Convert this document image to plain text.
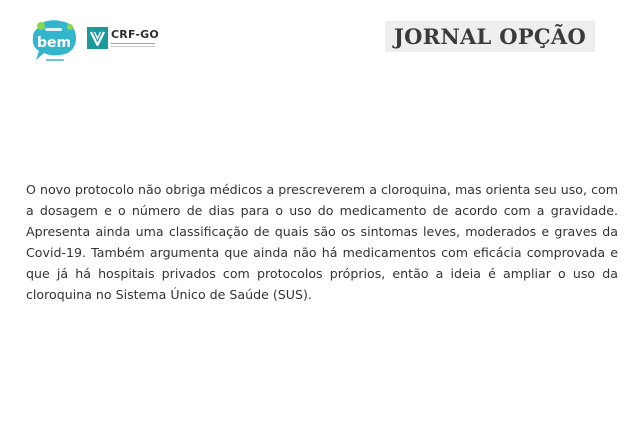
bem
CRF-GO	JORNAL OPÇÃO

O novo protocolo não obriga médicos a prescreverem a cloroquina, mas orienta seu uso, com a dosagem e o número de dias para o uso do medicamento de acordo com a gravidade. Apresenta ainda uma classificação de quais são os sintomas leves, moderados e graves da Covid-19. Também argumenta que ainda não há medicamentos com eficácia comprovada e que já há hospitais privados com protocolos próprios, então a ideia é ampliar o uso da cloroquina no Sistema Único de Saúde (SUS).
